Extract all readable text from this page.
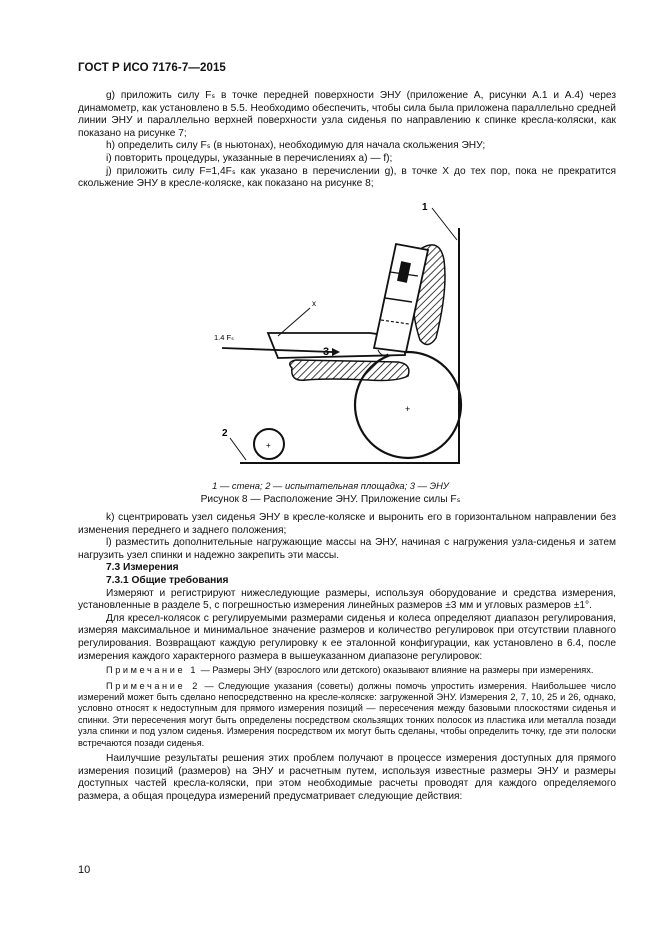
ГОСТ Р ИСО 7176-7—2015

g) приложить силу Fₛ в точке передней поверхности ЭНУ (приложение А, рисунки А.1 и А.4) через динамометр, как установлено в 5.5. Необходимо обеспечить, чтобы сила была приложена параллельно средней линии ЭНУ и параллельно верхней поверхности узла сиденья по направлению к спинке кресла-коляски, как показано на рисунке 7;

h) определить силу Fₛ (в ньютонах), необходимую для начала скольжения ЭНУ;

i) повторить процедуры, указанные в перечислениях а) — f);

j) приложить силу F=1,4Fₛ как указано в перечислении g), в точке X до тех пор, пока не прекратится скольжение ЭНУ в кресле-коляске, как показано на рисунке 8;

1
2
+
+
1.4 Fₛ
x
1 — стена; 2 — испытательная площадка; 3 — ЭНУ
Рисунок 8 — Расположение ЭНУ. Приложение силы Fₛ

k) сцентрировать узел сиденья ЭНУ в кресле-коляске и выронить его в горизонтальном направлении без изменения переднего и заднего положения;

l) разместить дополнительные нагружающие массы на ЭНУ, начиная с нагружения узла-сиденья и затем нагрузить узел спинки и надежно закрепить эти массы.

7.3 Измерения

7.3.1 Общие требования

Измеряют и регистрируют нижеследующие размеры, используя оборудование и средства измерения, установленные в разделе 5, с погрешностью измерения линейных размеров ±3 мм и угловых размеров ±1°.

Для кресел-колясок с регулируемыми размерами сиденья и колеса определяют диапазон регулирования, измеряя максимальное и минимальное значение размеров и количество регулировок при отсутствии плавного регулирования. Возвращают каждую регулировку к ее эталонной конфигурации, как установлено в 6.4, после измерения каждого характерного размера в вышеуказанном диапазоне регулировок:

Примечание 1 — Размеры ЭНУ (взрослого или детского) оказывают влияние на размеры при измерениях.

Примечание 2 — Следующие указания (советы) должны помочь упростить измерения. Наибольшее число измерений может быть сделано непосредственно на кресле-коляске: загруженной ЭНУ. Измерения 2, 7, 10, 25 и 26, однако, условно относят к недоступным для прямого измерения позиций — пересечения между базовыми плоскостями сиденья и спинки. Эти пересечения могут быть определены посредством скользящих тонких полосок из пластика или металла позади узла спинки и под узлом сиденья. Измерения посредством их могут быть сделаны, чтобы определить точку, где эти полоски встречаются позади сиденья.

Наилучшие результаты решения этих проблем получают в процессе измерения доступных для прямого измерения позиций (размеров) на ЭНУ и расчетным путем, используя известные размеры ЭНУ и размеры доступных частей кресла-коляски, при этом необходимые расчеты проводят для каждого определяемого размера, а общая процедура измерений предусматривает следующие действия:

10
